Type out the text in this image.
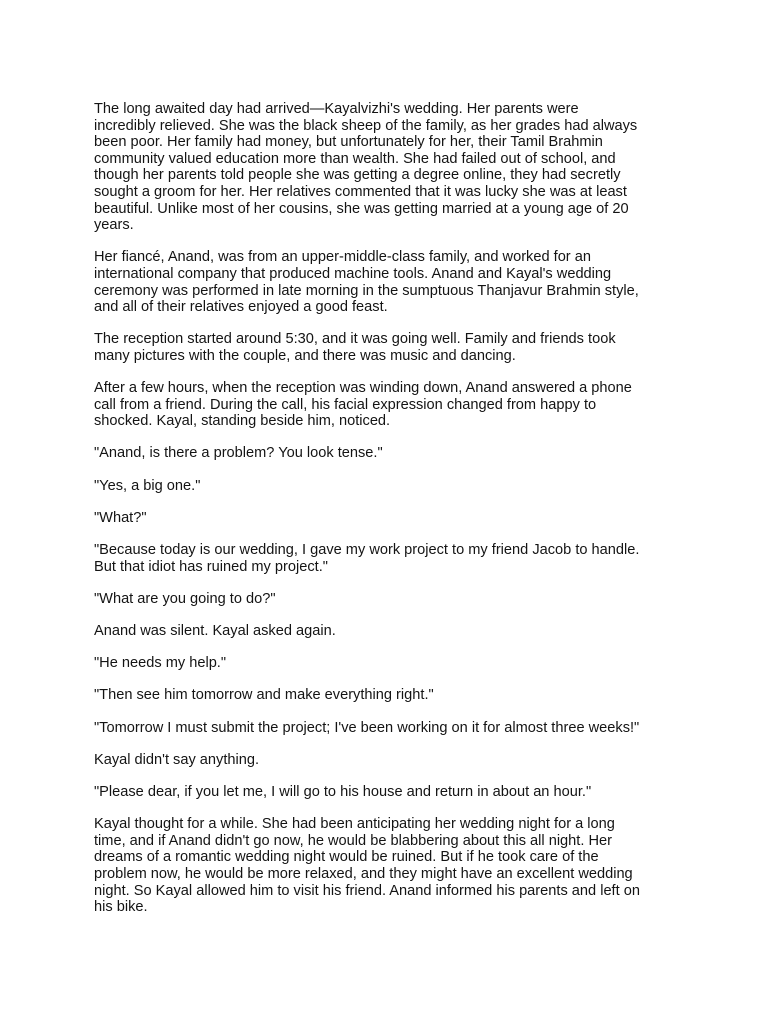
The long awaited day had arrived—Kayalvizhi's wedding. Her parents were
incredibly relieved. She was the black sheep of the family, as her grades had always
been poor. Her family had money, but unfortunately for her, their Tamil Brahmin
community valued education more than wealth. She had failed out of school, and
though her parents told people she was getting a degree online, they had secretly
sought a groom for her. Her relatives commented that it was lucky she was at least
beautiful. Unlike most of her cousins, she was getting married at a young age of 20
years.

Her fiancé, Anand, was from an upper-middle-class family, and worked for an
international company that produced machine tools. Anand and Kayal's wedding
ceremony was performed in late morning in the sumptuous Thanjavur Brahmin style,
and all of their relatives enjoyed a good feast.

The reception started around 5:30, and it was going well. Family and friends took
many pictures with the couple, and there was music and dancing.

After a few hours, when the reception was winding down, Anand answered a phone
call from a friend. During the call, his facial expression changed from happy to
shocked. Kayal, standing beside him, noticed.

"Anand, is there a problem? You look tense."

"Yes, a big one."

"What?"

"Because today is our wedding, I gave my work project to my friend Jacob to handle.
But that idiot has ruined my project."

"What are you going to do?"

Anand was silent. Kayal asked again.

"He needs my help."

"Then see him tomorrow and make everything right."

"Tomorrow I must submit the project; I've been working on it for almost three weeks!"

Kayal didn't say anything.

"Please dear, if you let me, I will go to his house and return in about an hour."

Kayal thought for a while. She had been anticipating her wedding night for a long
time, and if Anand didn't go now, he would be blabbering about this all night. Her
dreams of a romantic wedding night would be ruined. But if he took care of the
problem now, he would be more relaxed, and they might have an excellent wedding
night. So Kayal allowed him to visit his friend. Anand informed his parents and left on
his bike.
